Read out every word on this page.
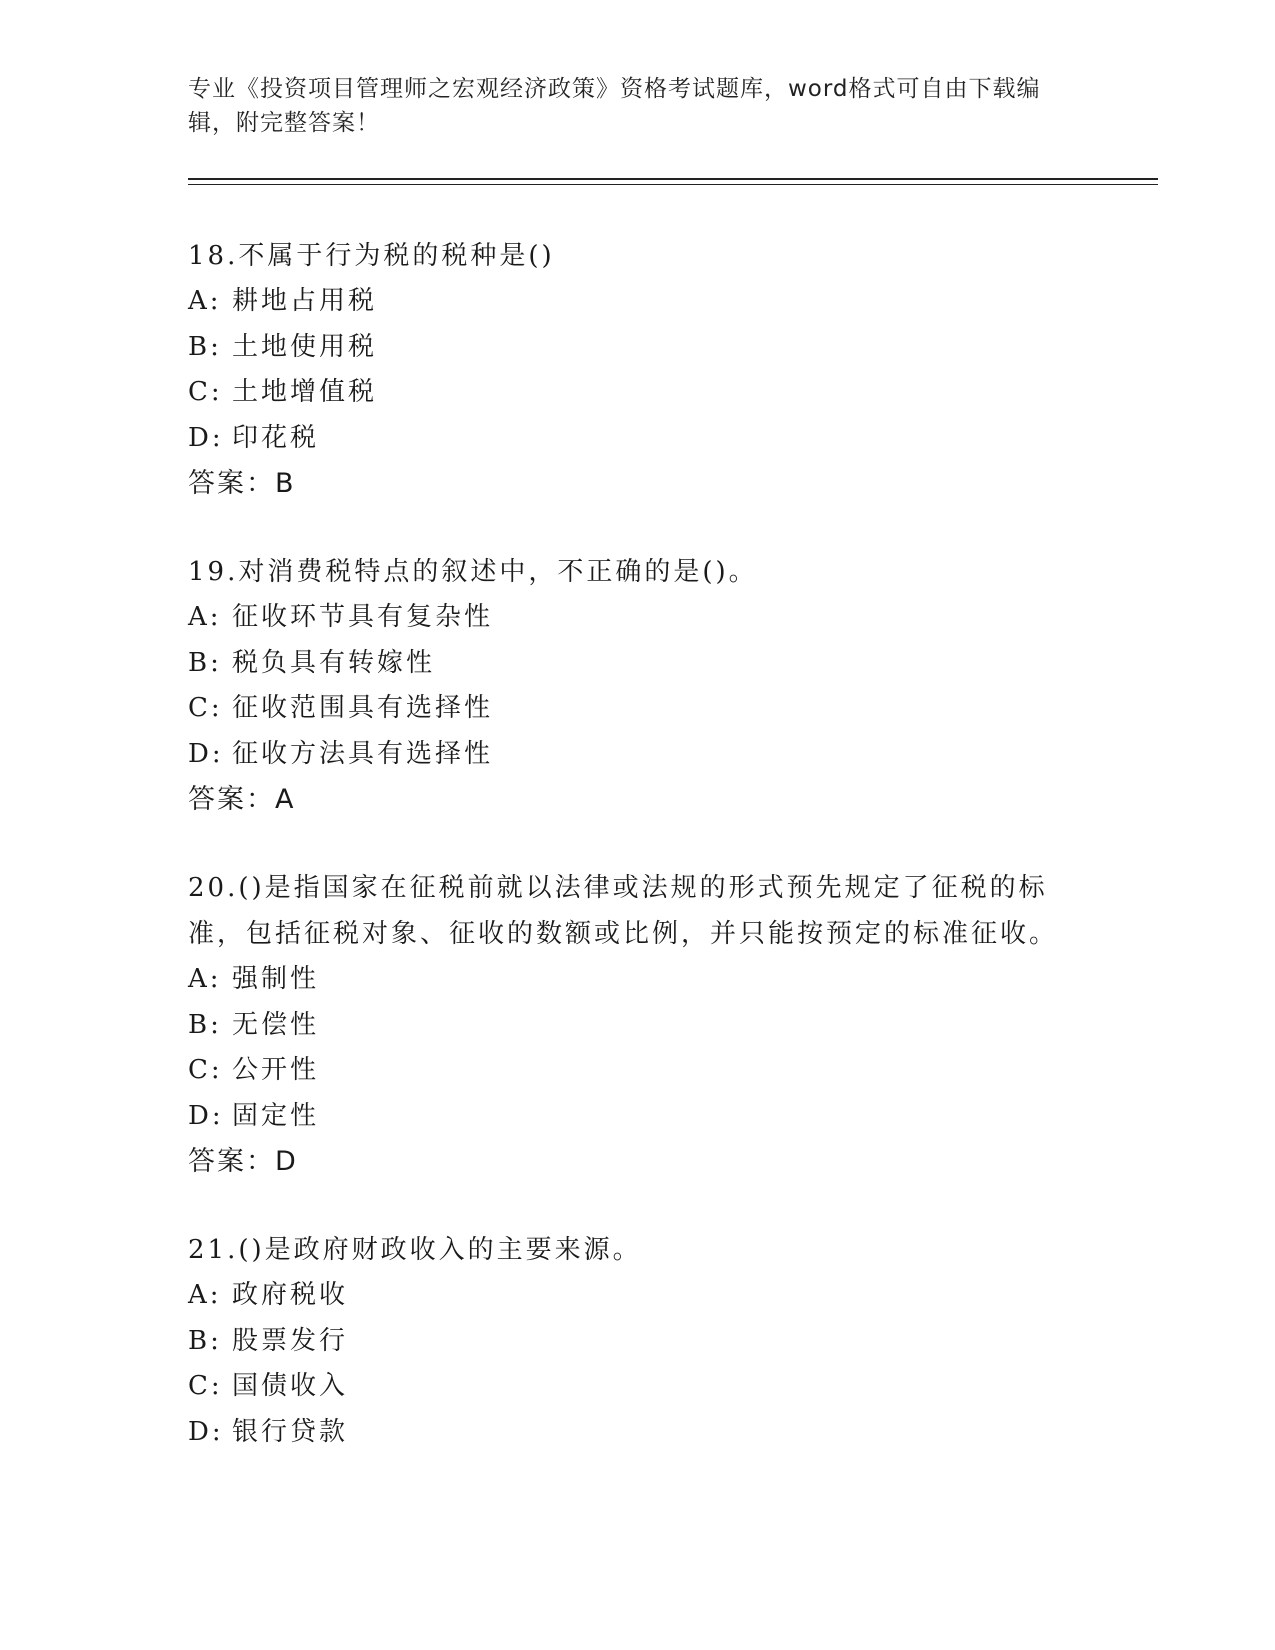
专业《投资项目管理师之宏观经济政策》资格考试题库，word格式可自由下载编辑，附完整答案！

18.不属于行为税的税种是()

A: 耕地占用税

B: 土地使用税

C: 土地增值税

D: 印花税

答案：B

19.对消费税特点的叙述中，不正确的是()。

A: 征收环节具有复杂性

B: 税负具有转嫁性

C: 征收范围具有选择性

D: 征收方法具有选择性

答案：A

20.()是指国家在征税前就以法律或法规的形式预先规定了征税的标准，包括征税对象、征收的数额或比例，并只能按预定的标准征收。

A: 强制性

B: 无偿性

C: 公开性

D: 固定性

答案：D

21.()是政府财政收入的主要来源。

A: 政府税收

B: 股票发行

C: 国债收入

D: 银行贷款
